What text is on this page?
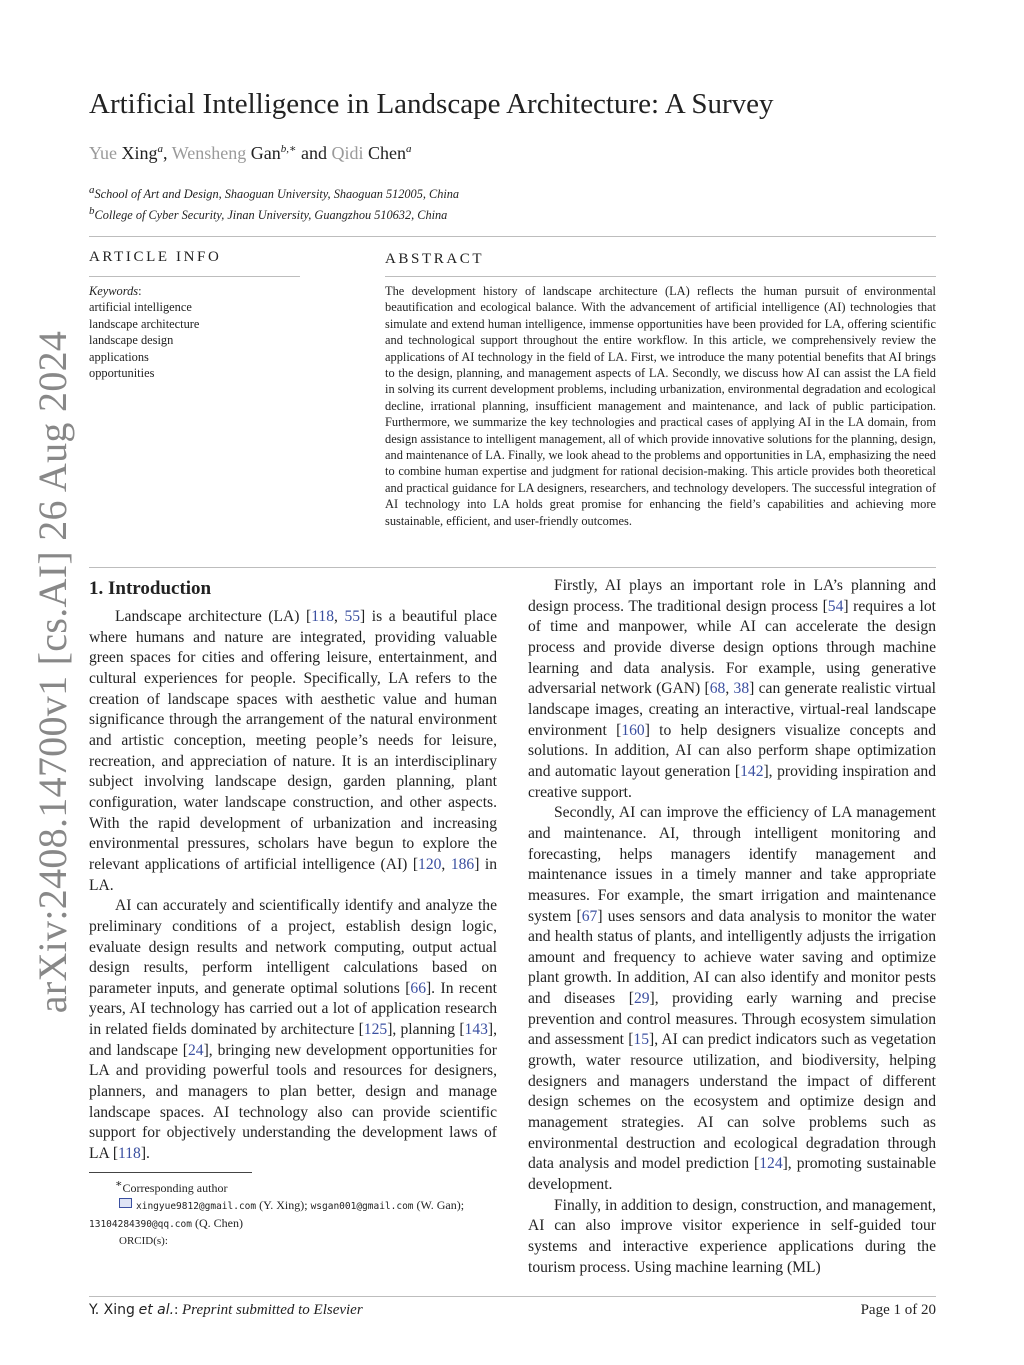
arXiv:2408.14700v1 [cs.AI] 26 Aug 2024
Artificial Intelligence in Landscape Architecture: A Survey
Yue Xing$^a$, Wensheng Gan$^{b,∗}$ and Qidi Chen$^a$
$^a$School of Art and Design, Shaoguan University, Shaoguan 512005, China
$^b$College of Cyber Security, Jinan University, Guangzhou 510632, China
ARTICLE INFO	ABSTRACT
Keywords:
artificial intelligence
landscape architecture
landscape design
applications
opportunities
The development history of landscape architecture (LA) reflects the human pursuit of environmental beautification and ecological balance. With the advancement of artificial intelligence (AI) technologies that simulate and extend human intelligence, immense opportunities have been provided for LA, offering scientific and technological support throughout the entire workflow. In this article, we comprehensively review the applications of AI technology in the field of LA. First, we introduce the many potential benefits that AI brings to the design, planning, and management aspects of LA. Secondly, we discuss how AI can assist the LA field in solving its current development problems, including urbanization, environmental degradation and ecological decline, irrational planning, insufficient management and maintenance, and lack of public participation. Furthermore, we summarize the key technologies and practical cases of applying AI in the LA domain, from design assistance to intelligent management, all of which provide innovative solutions for the planning, design, and maintenance of LA. Finally, we look ahead to the problems and opportunities in LA, emphasizing the need to combine human expertise and judgment for rational decision-making. This article provides both theoretical and practical guidance for LA designers, researchers, and technology developers. The successful integration of AI technology into LA holds great promise for enhancing the field’s capabilities and achieving more sustainable, efficient, and user-friendly outcomes.
1. Introduction

Landscape architecture (LA) [118, 55] is a beautiful place where humans and nature are integrated, providing valuable green spaces for cities and offering leisure, entertainment, and cultural experiences for people. Specifically, LA refers to the creation of landscape spaces with aesthetic value and human significance through the arrangement of the natural environment and artistic conception, meeting people’s needs for leisure, recreation, and appreciation of nature. It is an interdisciplinary subject involving landscape design, garden planning, plant configuration, water landscape construction, and other aspects. With the rapid development of urbanization and increasing environmental pressures, scholars have begun to explore the relevant applications of artificial intelligence (AI) [120, 186] in LA.

AI can accurately and scientifically identify and analyze the preliminary conditions of a project, establish design logic, evaluate design results and network computing, output actual design results, perform intelligent calculations based on parameter inputs, and generate optimal solutions [66]. In recent years, AI technology has carried out a lot of application research in related fields dominated by architecture [125], planning [143], and landscape [24], bringing new development opportunities for LA and providing powerful tools and resources for designers, planners, and managers to plan better, design and manage landscape spaces. AI technology also can provide scientific support for objectively understanding the development laws of LA [118].

Firstly, AI plays an important role in LA’s planning and design process. The traditional design process [54] requires a lot of time and manpower, while AI can accelerate the design process and provide diverse design options through machine learning and data analysis. For example, using generative adversarial network (GAN) [68, 38] can generate realistic virtual landscape images, creating an interactive, virtual-real landscape environment [160] to help designers visualize concepts and solutions. In addition, AI can also perform shape optimization and automatic layout generation [142], providing inspiration and creative support.

Secondly, AI can improve the efficiency of LA management and maintenance. AI, through intelligent monitoring and forecasting, helps managers identify management and maintenance issues in a timely manner and take appropriate measures. For example, the smart irrigation and maintenance system [67] uses sensors and data analysis to monitor the water and health status of plants, and intelligently adjusts the irrigation amount and frequency to achieve water saving and optimize plant growth. In addition, AI can also identify and monitor pests and diseases [29], providing early warning and precise prevention and control measures. Through ecosystem simulation and assessment [15], AI can predict indicators such as vegetation growth, water resource utilization, and biodiversity, helping designers and managers understand the impact of different design schemes on the ecosystem and optimize design and management strategies. AI can solve problems such as environmental destruction and ecological degradation through data analysis and model prediction [124], promoting sustainable development.

Finally, in addition to design, construction, and management, AI can also improve visitor experience in self-guided tour systems and interactive experience applications during the tourism process. Using machine learning (ML)

∗Corresponding author
xingyue9812@gmail.com (Y. Xing); wsgan001@gmail.com (W. Gan);
13104284390@qq.com (Q. Chen)
ORCID(s):
Y. Xing et al.: Preprint submitted to Elsevier	Page 1 of 20
